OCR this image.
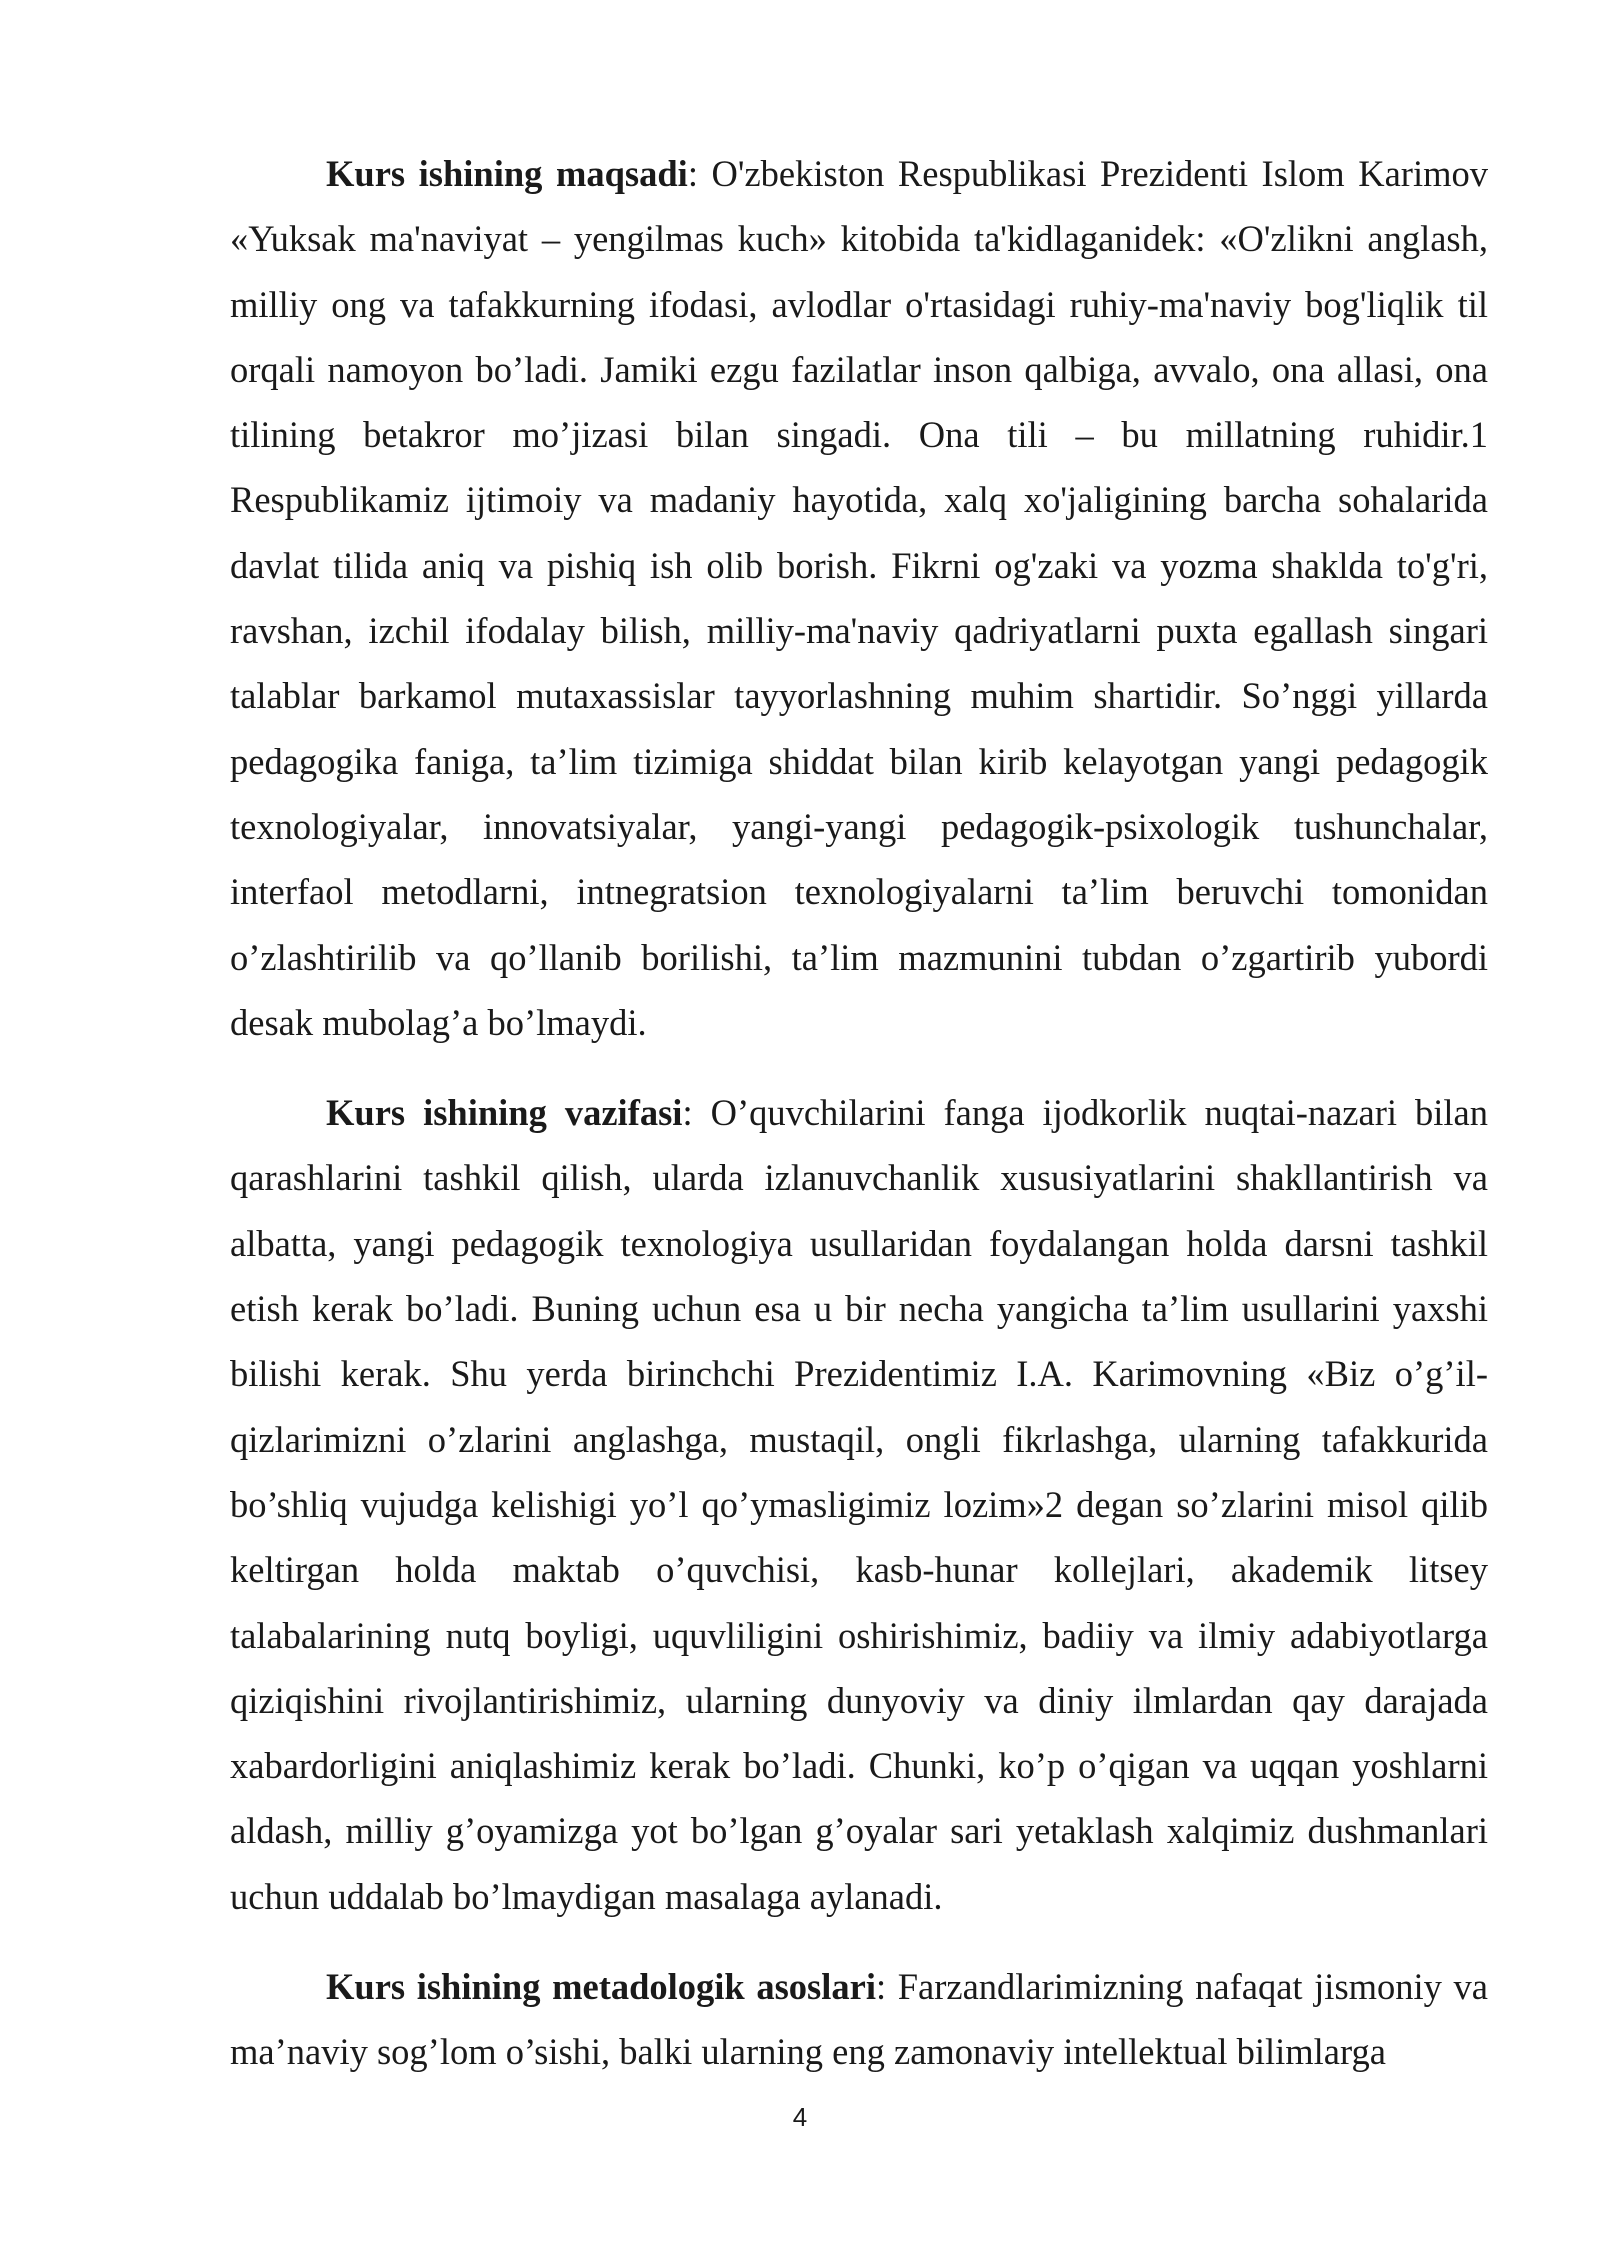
Kurs ishining maqsadi: O'zbekiston Respublikasi Prezidenti Islom Karimov «Yuksak ma'naviyat – yengilmas kuch» kitobida ta'kidlaganidek: «O'zlikni anglash, milliy ong va tafakkurning ifodasi, avlodlar o'rtasidagi ruhiy-ma'naviy bog'liqlik til orqali namoyon bo’ladi. Jamiki ezgu fazilatlar inson qalbiga, avvalo, ona allasi, ona tilining betakror mo’jizasi bilan singadi. Ona tili – bu millatning ruhidir.1 Respublikamiz ijtimoiy va madaniy hayotida, xalq xo'jaligining barcha sohalarida davlat tilida aniq va pishiq ish olib borish. Fikrni og'zaki va yozma shaklda to'g'ri, ravshan, izchil ifodalay bilish, milliy-ma'naviy qadriyatlarni puxta egallash singari talablar barkamol mutaxassislar tayyorlashning muhim shartidir. So’nggi yillarda pedagogika faniga, ta’lim tizimiga shiddat bilan kirib kelayotgan yangi pedagogik texnologiyalar, innovatsiyalar, yangi-yangi pedagogik-psixologik tushunchalar, interfaol metodlarni, intnegratsion texnologiyalarni ta’lim beruvchi tomonidan o’zlashtirilib va qo’llanib borilishi, ta’lim mazmunini tubdan o’zgartirib yubordi desak mubolag’a bo’lmaydi.

Kurs ishining vazifasi: O’quvchilarini fanga ijodkorlik nuqtai-nazari bilan qarashlarini tashkil qilish, ularda izlanuvchanlik xususiyatlarini shakllantirish va albatta, yangi pedagogik texnologiya usullaridan foydalangan holda darsni tashkil etish kerak bo’ladi. Buning uchun esa u bir necha yangicha ta’lim usullarini yaxshi bilishi kerak. Shu yerda birinchchi Prezidentimiz I.A. Karimovning «Biz o’g’il-qizlarimizni o’zlarini anglashga, mustaqil, ongli fikrlashga, ularning tafakkurida bo’shliq vujudga kelishigi yo’l qo’ymasligimiz lozim»2 degan so’zlarini misol qilib keltirgan holda maktab o’quvchisi, kasb-hunar kollejlari, akademik litsey talabalarining nutq boyligi, uquvliligini oshirishimiz, badiiy va ilmiy adabiyotlarga qiziqishini rivojlantirishimiz, ularning dunyoviy va diniy ilmlardan qay darajada xabardorligini aniqlashimiz kerak bo’ladi. Chunki, ko’p o’qigan va uqqan yoshlarni aldash, milliy g’oyamizga yot bo’lgan g’oyalar sari yetaklash xalqimiz dushmanlari uchun uddalab bo’lmaydigan masalaga aylanadi.

Kurs ishining metadologik asoslari: Farzandlarimizning nafaqat jismoniy va ma’naviy sog’lom o’sishi, balki ularning eng zamonaviy intellektual bilimlarga

4
